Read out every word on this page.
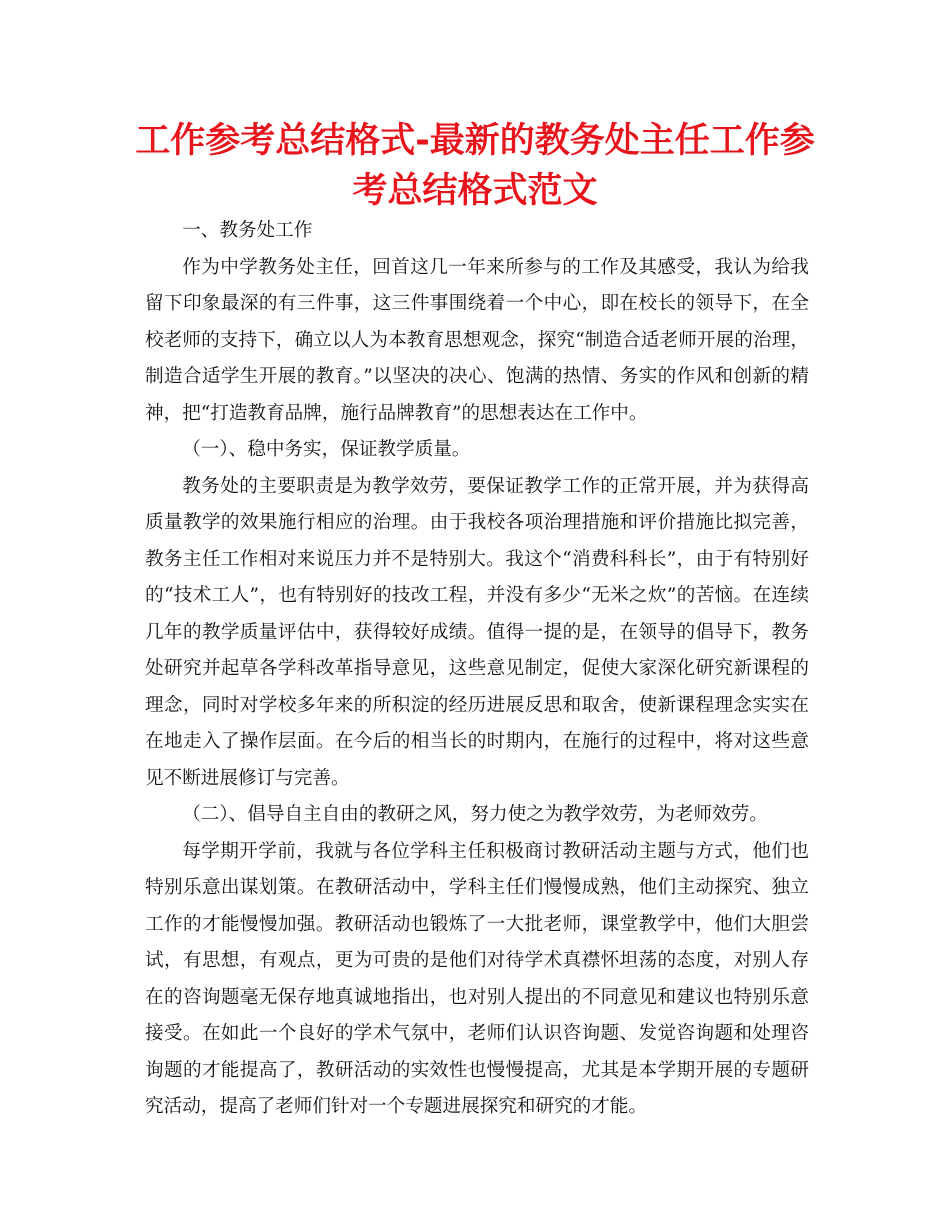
工作参考总结格式-最新的教务处主任工作参考总结格式范文

一、教务处工作

作为中学教务处主任，回首这几一年来所参与的工作及其感受，我认为给我留下印象最深的有三件事，这三件事围绕着一个中心，即在校长的领导下，在全校老师的支持下，确立以人为本教育思想观念，探究“制造合适老师开展的治理，制造合适学生开展的教育。”以坚决的决心、饱满的热情、务实的作风和创新的精神，把“打造教育品牌，施行品牌教育”的思想表达在工作中。

（一）、稳中务实，保证教学质量。

教务处的主要职责是为教学效劳，要保证教学工作的正常开展，并为获得高质量教学的效果施行相应的治理。由于我校各项治理措施和评价措施比拟完善，教务主任工作相对来说压力并不是特别大。我这个“消费科科长”，由于有特别好的“技术工人”，也有特别好的技改工程，并没有多少“无米之炊”的苦恼。在连续几年的教学质量评估中，获得较好成绩。值得一提的是，在领导的倡导下，教务处研究并起草各学科改革指导意见，这些意见制定，促使大家深化研究新课程的理念，同时对学校多年来的所积淀的经历进展反思和取舍，使新课程理念实实在在地走入了操作层面。在今后的相当长的时期内，在施行的过程中，将对这些意见不断进展修订与完善。

（二）、倡导自主自由的教研之风，努力使之为教学效劳，为老师效劳。

每学期开学前，我就与各位学科主任积极商讨教研活动主题与方式，他们也特别乐意出谋划策。在教研活动中，学科主任们慢慢成熟，他们主动探究、独立工作的才能慢慢加强。教研活动也锻炼了一大批老师，课堂教学中，他们大胆尝试，有思想，有观点，更为可贵的是他们对待学术真襟怀坦荡的态度，对别人存在的咨询题毫无保存地真诚地指出，也对别人提出的不同意见和建议也特别乐意接受。在如此一个良好的学术气氛中，老师们认识咨询题、发觉咨询题和处理咨询题的才能提高了，教研活动的实效性也慢慢提高，尤其是本学期开展的专题研究活动，提高了老师们针对一个专题进展探究和研究的才能。
